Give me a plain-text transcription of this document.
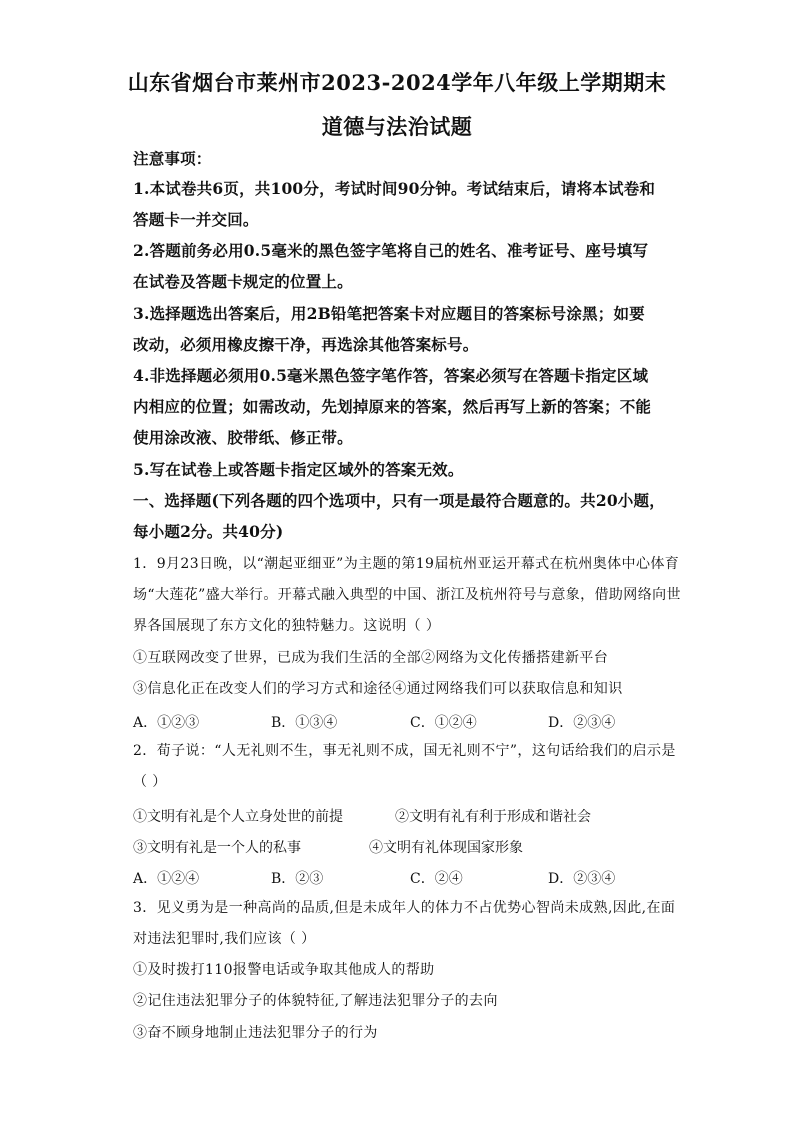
山东省烟台市莱州市2023-2024学年八年级上学期期末
道德与法治试题
注意事项：
1.本试卷共6页，共100分，考试时间90分钟。考试结束后，请将本试卷和
答题卡一并交回。
2.答题前务必用0.5毫米的黑色签字笔将自己的姓名、准考证号、座号填写
在试卷及答题卡规定的位置上。
3.选择题选出答案后，用2B铅笔把答案卡对应题目的答案标号涂黑；如要
改动，必须用橡皮擦干净，再选涂其他答案标号。
4.非选择题必须用0.5毫米黑色签字笔作答，答案必须写在答题卡指定区域
内相应的位置；如需改动，先划掉原来的答案，然后再写上新的答案；不能
使用涂改液、胶带纸、修正带。
5.写在试卷上或答题卡指定区域外的答案无效。
一、选择题(下列各题的四个选项中，只有一项是最符合题意的。共20小题，
每小题2分。共40分)
1．9月23日晚，以“潮起亚细亚”为主题的第19届杭州亚运开幕式在杭州奥体中心体育
场“大莲花”盛大举行。开幕式融入典型的中国、浙江及杭州符号与意象，借助网络向世
界各国展现了东方文化的独特魅力。这说明（ ）
①互联网改变了世界，已成为我们生活的全部②网络为文化传播搭建新平台
③信息化正在改变人们的学习方式和途径④通过网络我们可以获取信息和知识
A．①②③	B．①③④	C．①②④	D．②③④
2．荀子说：“人无礼则不生，事无礼则不成，国无礼则不宁”，这句话给我们的启示是
（ ）
①文明有礼是个人立身处世的前提	②文明有礼有利于形成和谐社会
③文明有礼是一个人的私事	④文明有礼体现国家形象
A．①②④	B．②③	C．②④	D．②③④
3．见义勇为是一种高尚的品质,但是未成年人的体力不占优势心智尚未成熟,因此,在面
对违法犯罪时,我们应该（ ）
①及时拨打110报警电话或争取其他成人的帮助
②记住违法犯罪分子的体貌特征,了解违法犯罪分子的去向
③奋不顾身地制止违法犯罪分子的行为
